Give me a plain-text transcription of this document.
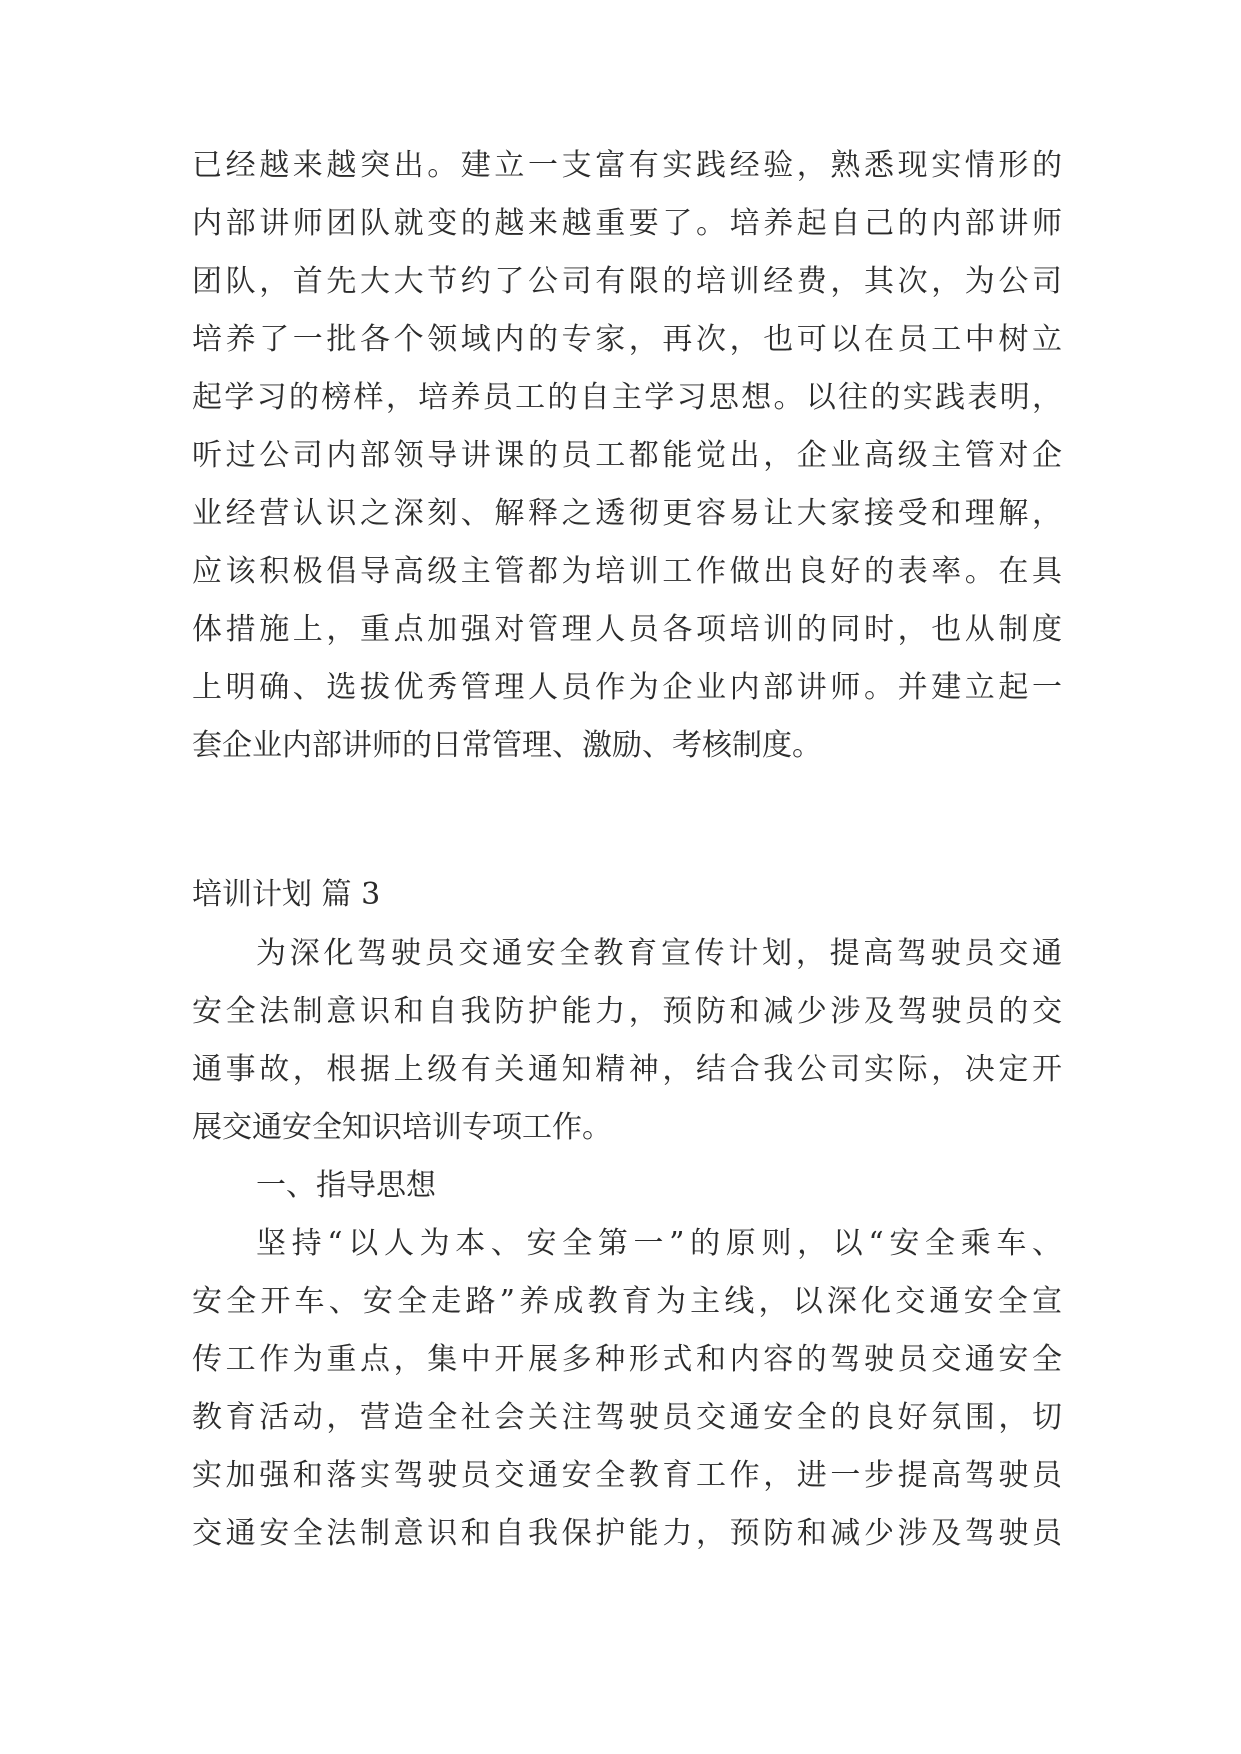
已经越来越突出。建立一支富有实践经验，熟悉现实情形的
内部讲师团队就变的越来越重要了。培养起自己的内部讲师
团队，首先大大节约了公司有限的培训经费，其次，为公司
培养了一批各个领域内的专家，再次，也可以在员工中树立
起学习的榜样，培养员工的自主学习思想。以往的实践表明，
听过公司内部领导讲课的员工都能觉出，企业高级主管对企
业经营认识之深刻、解释之透彻更容易让大家接受和理解，
应该积极倡导高级主管都为培训工作做出良好的表率。在具
体措施上，重点加强对管理人员各项培训的同时，也从制度
上明确、选拔优秀管理人员作为企业内部讲师。并建立起一
套企业内部讲师的日常管理、激励、考核制度。
培训计划 篇 3
为深化驾驶员交通安全教育宣传计划，提高驾驶员交通
安全法制意识和自我防护能力，预防和减少涉及驾驶员的交
通事故，根据上级有关通知精神，结合我公司实际，决定开
展交通安全知识培训专项工作。
一、指导思想
坚持“以人为本、安全第一”的原则，以“安全乘车、
安全开车、安全走路”养成教育为主线，以深化交通安全宣
传工作为重点，集中开展多种形式和内容的驾驶员交通安全
教育活动，营造全社会关注驾驶员交通安全的良好氛围，切
实加强和落实驾驶员交通安全教育工作，进一步提高驾驶员
交通安全法制意识和自我保护能力，预防和减少涉及驾驶员
